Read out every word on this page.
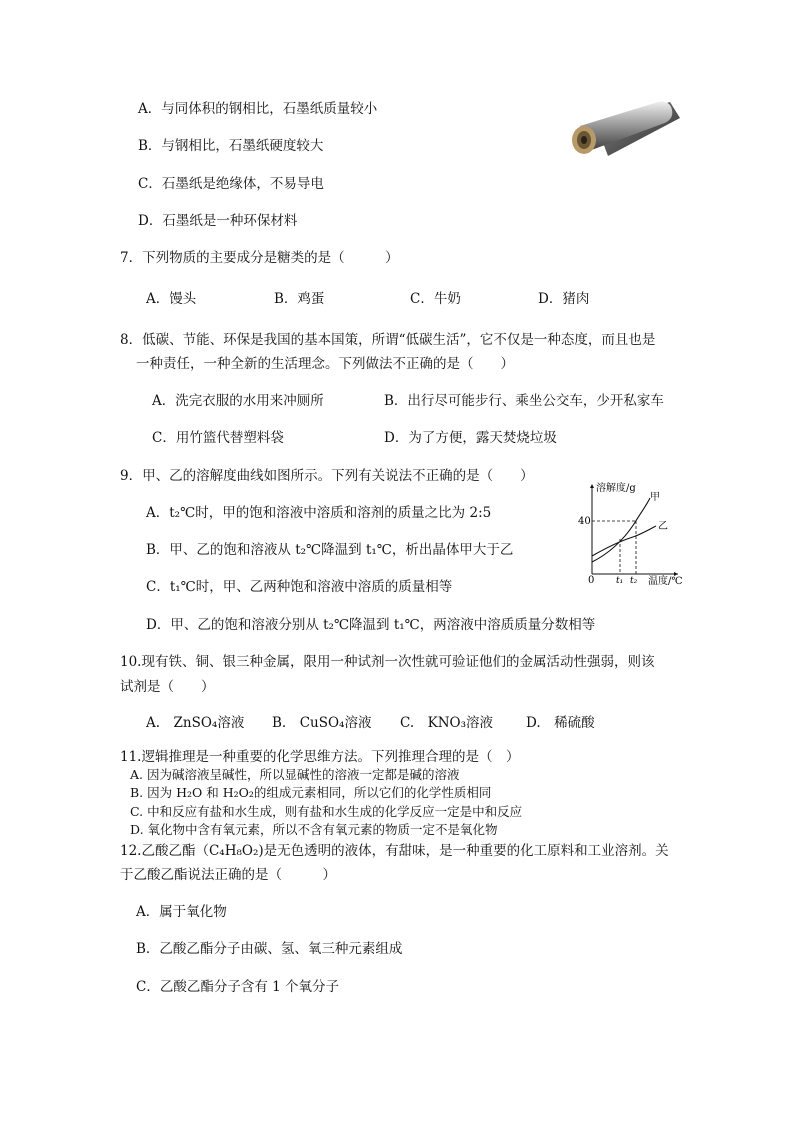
A．与同体积的钢相比，石墨纸质量较小
B．与钢相比，石墨纸硬度较大
C．石墨纸是绝缘体，不易导电
D．石墨纸是一种环保材料
7．下列物质的主要成分是糖类的是（　　　）
A．馒头	B．鸡蛋	C．牛奶	D．猪肉
8．低碳、节能、环保是我国的基本国策，所谓“低碳生活”，它不仅是一种态度，而且也是
一种责任，一种全新的生活理念。下列做法不正确的是（　　）
A．洗完衣服的水用来冲厕所	B．出行尽可能步行、乘坐公交车，少开私家车
C．用竹篮代替塑料袋	D．为了方便，露天焚烧垃圾
9．甲、乙的溶解度曲线如图所示。下列有关说法不正确的是（　　）
A．t₂℃时，甲的饱和溶液中溶质和溶剂的质量之比为 2:5
B．甲、乙的饱和溶液从 t₂℃降温到 t₁℃，析出晶体甲大于乙
C．t₁℃时，甲、乙两种饱和溶液中溶质的质量相等
D．甲、乙的饱和溶液分别从 t₂℃降温到 t₁℃，两溶液中溶质质量分数相等
溶解度/g
温度/℃
40
0 t₁ t₂
甲
乙
10.现有铁、铜、银三种金属，限用一种试剂一次性就可验证他们的金属活动性强弱，则该
试剂是（　　）
A.　ZnSO₄溶液 B.　CuSO₄溶液 C.　KNO₃溶液 D.　稀硫酸
11.逻辑推理是一种重要的化学思维方法。下列推理合理的是（　）
A. 因为碱溶液呈碱性，所以显碱性的溶液一定都是碱的溶液
B. 因为 H₂O 和 H₂O₂的组成元素相同，所以它们的化学性质相同
C. 中和反应有盐和水生成，则有盐和水生成的化学反应一定是中和反应
D. 氧化物中含有氧元素，所以不含有氧元素的物质一定不是氧化物
12.乙酸乙酯（C₄H₈O₂)是无色透明的液体，有甜味，是一种重要的化工原料和工业溶剂。关
于乙酸乙酯说法正确的是（　　　）
A．属于氧化物
B．乙酸乙酯分子由碳、氢、氧三种元素组成
C．乙酸乙酯分子含有 1 个氧分子
